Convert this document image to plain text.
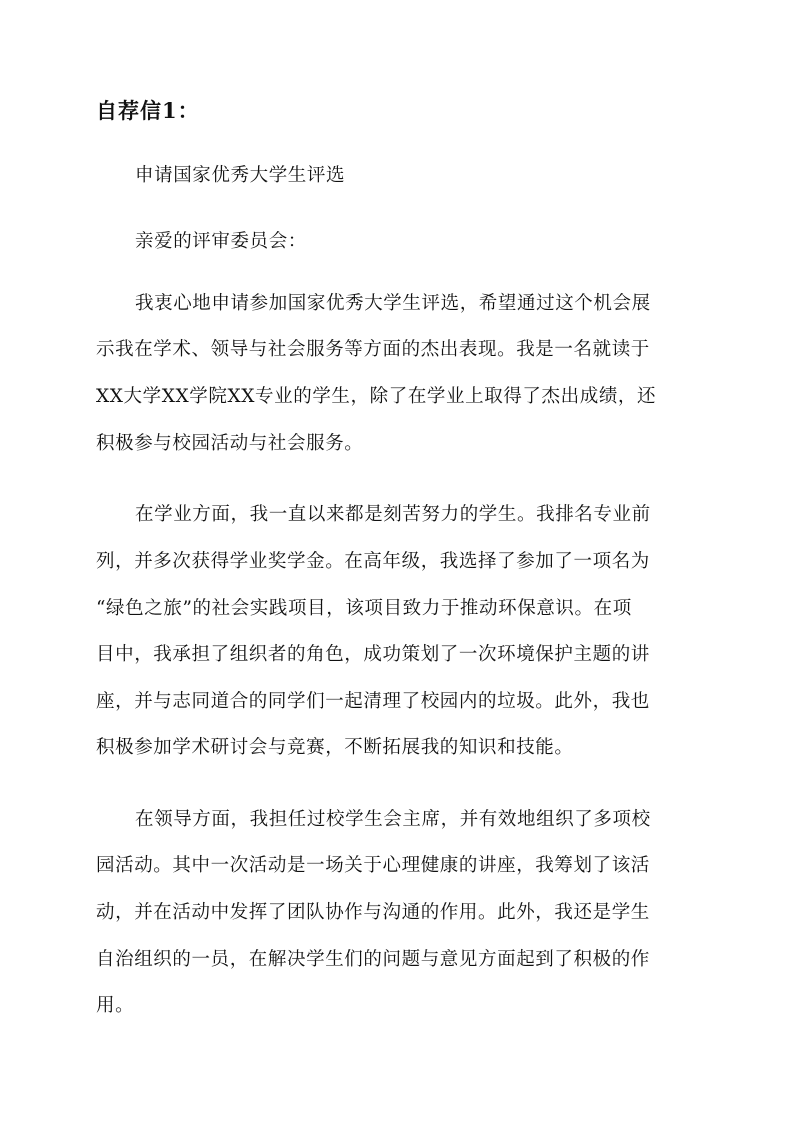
自荐信1：

申请国家优秀大学生评选

亲爱的评审委员会：

我衷心地申请参加国家优秀大学生评选，希望通过这个机会展

示我在学术、领导与社会服务等方面的杰出表现。我是一名就读于

XX大学XX学院XX专业的学生，除了在学业上取得了杰出成绩，还

积极参与校园活动与社会服务。

在学业方面，我一直以来都是刻苦努力的学生。我排名专业前

列，并多次获得学业奖学金。在高年级，我选择了参加了一项名为

“绿色之旅”的社会实践项目，该项目致力于推动环保意识。在项

目中，我承担了组织者的角色，成功策划了一次环境保护主题的讲

座，并与志同道合的同学们一起清理了校园内的垃圾。此外，我也

积极参加学术研讨会与竞赛，不断拓展我的知识和技能。

在领导方面，我担任过校学生会主席，并有效地组织了多项校

园活动。其中一次活动是一场关于心理健康的讲座，我筹划了该活

动，并在活动中发挥了团队协作与沟通的作用。此外，我还是学生

自治组织的一员，在解决学生们的问题与意见方面起到了积极的作

用。
